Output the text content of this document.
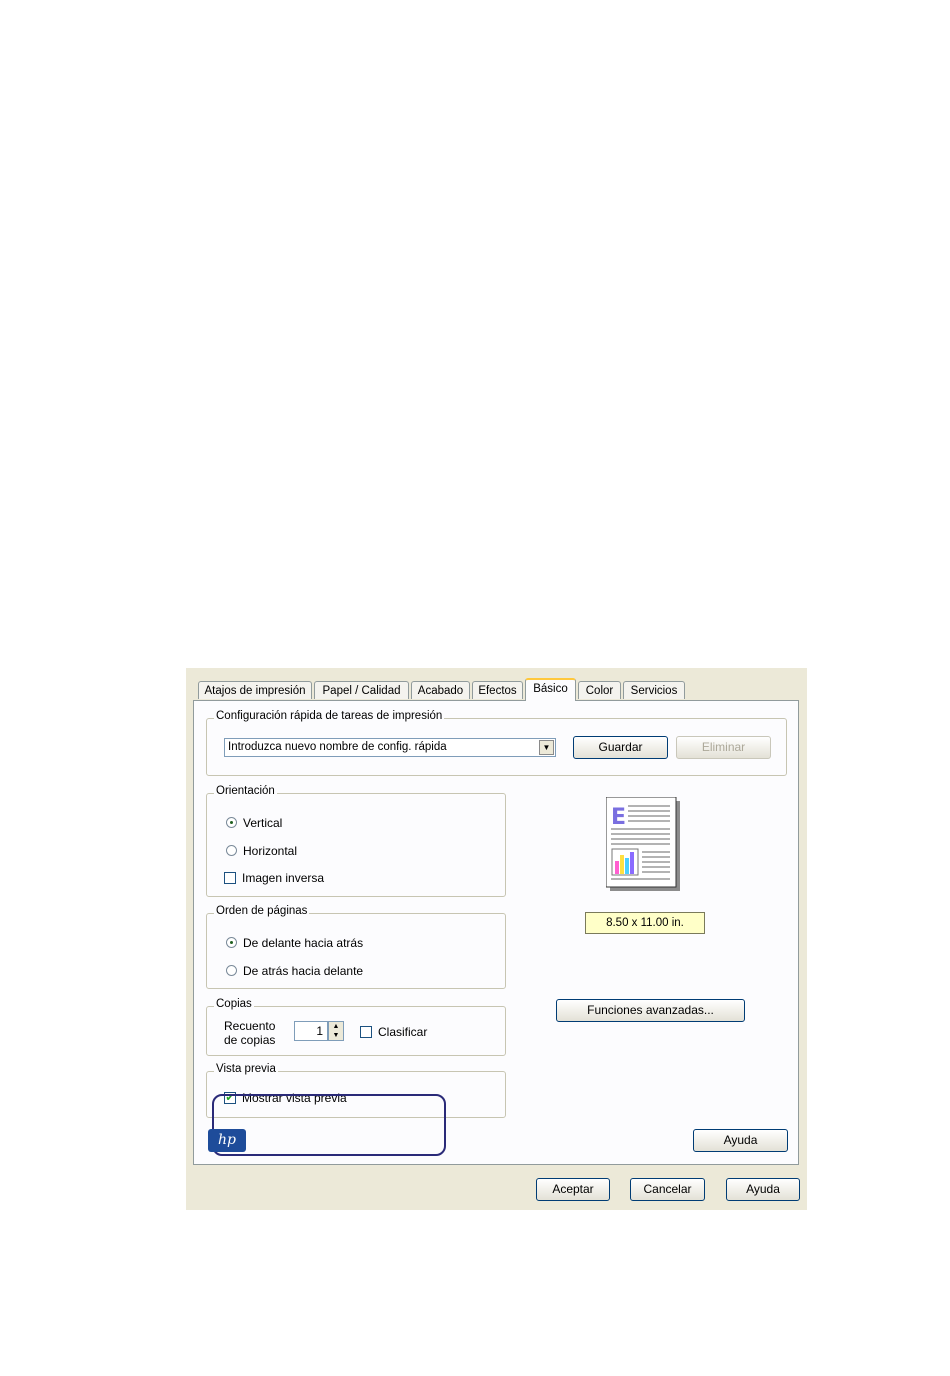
Atajos de impresión	Papel / Calidad	Acabado	Efectos	Básico	Color	Servicios
Configuración rápida de tareas de impresión
Introduzca nuevo nombre de config. rápida	▼	Guardar	Eliminar
Orientación
Vertical
Horizontal
Imagen inversa
Orden de páginas
De delante hacia atrás
De atrás hacia delante
Copias
Recuento
de copias
1	▲
▼	Clasificar
Vista previa
✔ Mostrar vista previa
E
8.50 x 11.00 in.
Funciones avanzadas...
hp	Ayuda
Aceptar	Cancelar	Ayuda
